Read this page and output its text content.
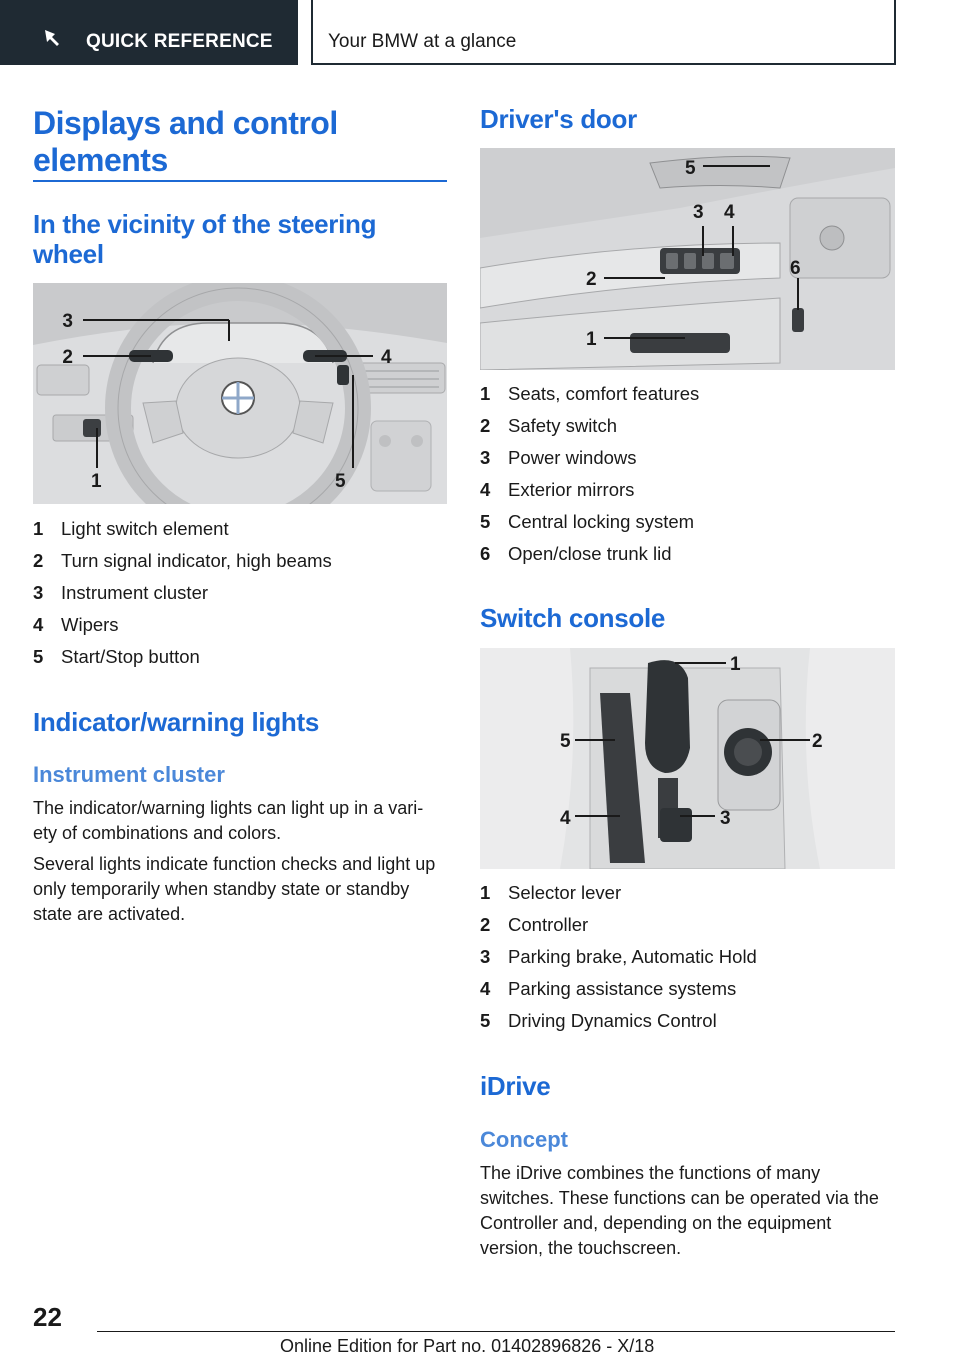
QUICK REFERENCE	Your BMW at a glance
Displays and control elements
In the vicinity of the steering wheel
3
2	4
1	5
1 Light switch element
2 Turn signal indicator, high beams
3 Instrument cluster
4 Wipers
5 Start/Stop button
Indicator/warning lights
Instrument cluster
The indicator/warning lights can light up in a vari-ety of combinations and colors.
Several lights indicate function checks and light up only temporarily when standby state or standby state are activated.
Driver's door
5
3 4
2
1
6
1 Seats, comfort features
2 Safety switch
3 Power windows
4 Exterior mirrors
5 Central locking system
6 Open/close trunk lid
Switch console
1
2
3
4
5
1 Selector lever
2 Controller
3 Parking brake, Automatic Hold
4 Parking assistance systems
5 Driving Dynamics Control
iDrive
Concept
The iDrive combines the functions of many switches. These functions can be operated via the Controller and, depending on the equipment version, the touchscreen.
22
Online Edition for Part no. 01402896826 - X/18
